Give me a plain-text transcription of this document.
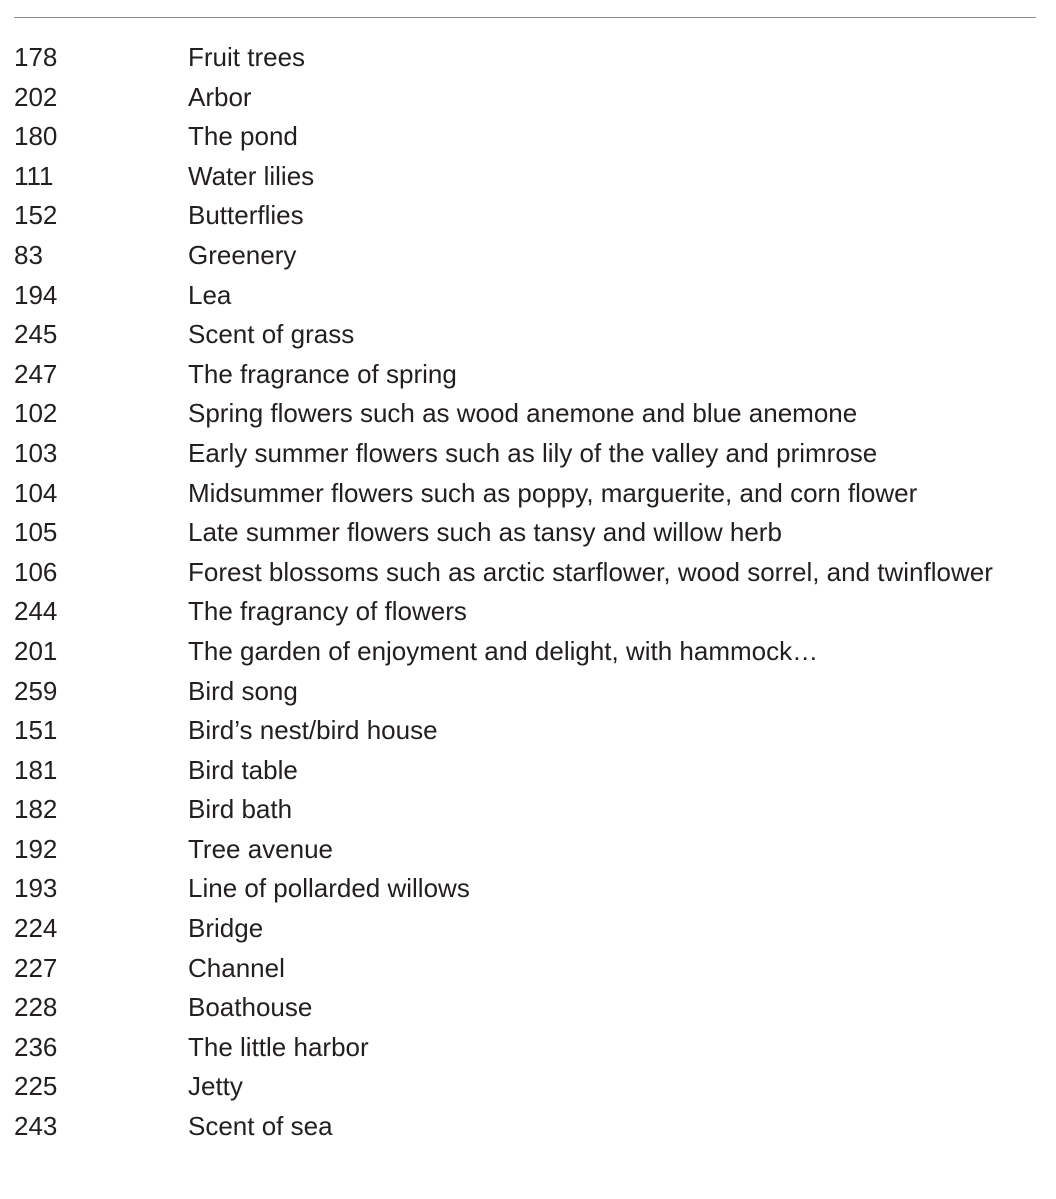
178	Fruit trees
202	Arbor
180	The pond
111	Water lilies
152	Butterflies
83	Greenery
194	Lea
245	Scent of grass
247	The fragrance of spring
102	Spring flowers such as wood anemone and blue anemone
103	Early summer flowers such as lily of the valley and primrose
104	Midsummer flowers such as poppy, marguerite, and corn flower
105	Late summer flowers such as tansy and willow herb
106	Forest blossoms such as arctic starflower, wood sorrel, and twinflower
244	The fragrancy of flowers
201	The garden of enjoyment and delight, with hammock…
259	Bird song
151	Bird’s nest/bird house
181	Bird table
182	Bird bath
192	Tree avenue
193	Line of pollarded willows
224	Bridge
227	Channel
228	Boathouse
236	The little harbor
225	Jetty
243	Scent of sea
